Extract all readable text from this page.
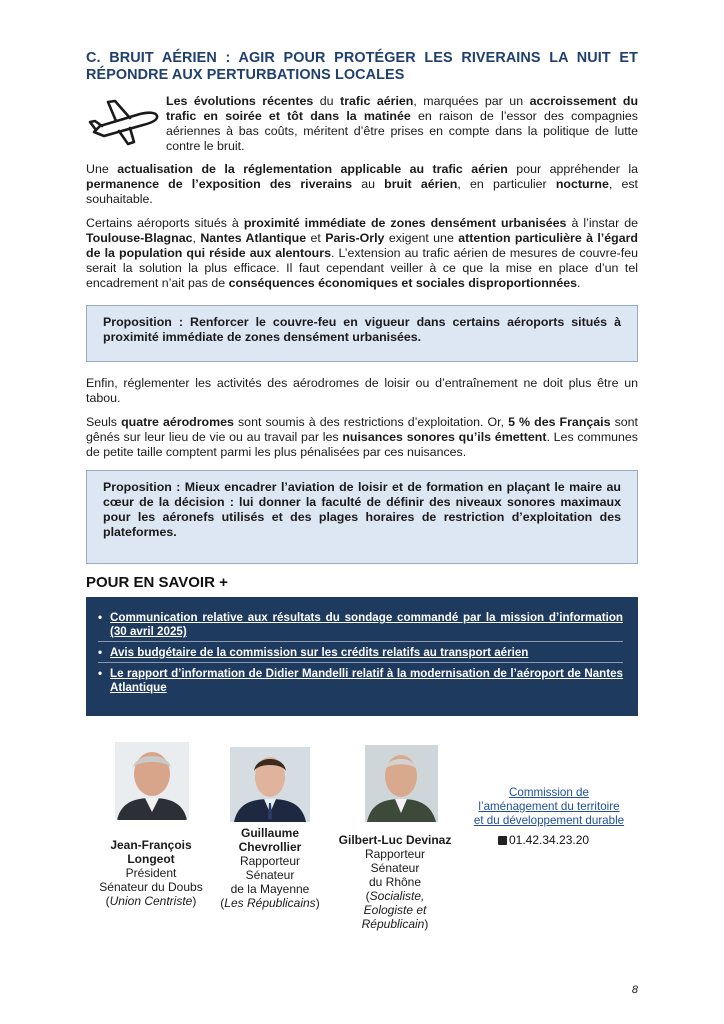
C. BRUIT AÉRIEN : AGIR POUR PROTÉGER LES RIVERAINS LA NUIT ET RÉPONDRE AUX PERTURBATIONS LOCALES
Les évolutions récentes du trafic aérien, marquées par un accroissement du trafic en soirée et tôt dans la matinée en raison de l’essor des compagnies aériennes à bas coûts, méritent d’être prises en compte dans la politique de lutte contre le bruit.

Une actualisation de la réglementation applicable au trafic aérien pour appréhender la permanence de l’exposition des riverains au bruit aérien, en particulier nocturne, est souhaitable.

Certains aéroports situés à proximité immédiate de zones densément urbanisées à l’instar de Toulouse-Blagnac, Nantes Atlantique et Paris-Orly exigent une attention particulière à l’égard de la population qui réside aux alentours. L’extension au trafic aérien de mesures de couvre-feu serait la solution la plus efficace. Il faut cependant veiller à ce que la mise en place d’un tel encadrement n’ait pas de conséquences économiques et sociales disproportionnées.

Proposition : Renforcer le couvre-feu en vigueur dans certains aéroports situés à proximité immédiate de zones densément urbanisées.

Enfin, réglementer les activités des aérodromes de loisir ou d’entraînement ne doit plus être un tabou.

Seuls quatre aérodromes sont soumis à des restrictions d’exploitation. Or, 5 % des Français sont gênés sur leur lieu de vie ou au travail par les nuisances sonores qu’ils émettent. Les communes de petite taille comptent parmi les plus pénalisées par ces nuisances.

Proposition : Mieux encadrer l’aviation de loisir et de formation en plaçant le maire au cœur de la décision : lui donner la faculté de définir des niveaux sonores maximaux pour les aéronefs utilisés et des plages horaires de restriction d’exploitation des plateformes.
POUR EN SAVOIR +
• Communication relative aux résultats du sondage commandé par la mission d’information (30 avril 2025)
• Avis budgétaire de la commission sur les crédits relatifs au transport aérien
• Le rapport d’information de Didier Mandelli relatif à la modernisation de l’aéroport de Nantes Atlantique
Jean-François Longeot
Président
Sénateur du Doubs
(Union Centriste)
Guillaume Chevrollier
Rapporteur
Sénateur
de la Mayenne
(Les Républicains)
Gilbert-Luc Devinaz
Rapporteur
Sénateur
du Rhône
(Socialiste, Eologiste et Républicain)
Commission de
l’aménagement du territoire
et du développement durable
01.42.34.23.20
8
